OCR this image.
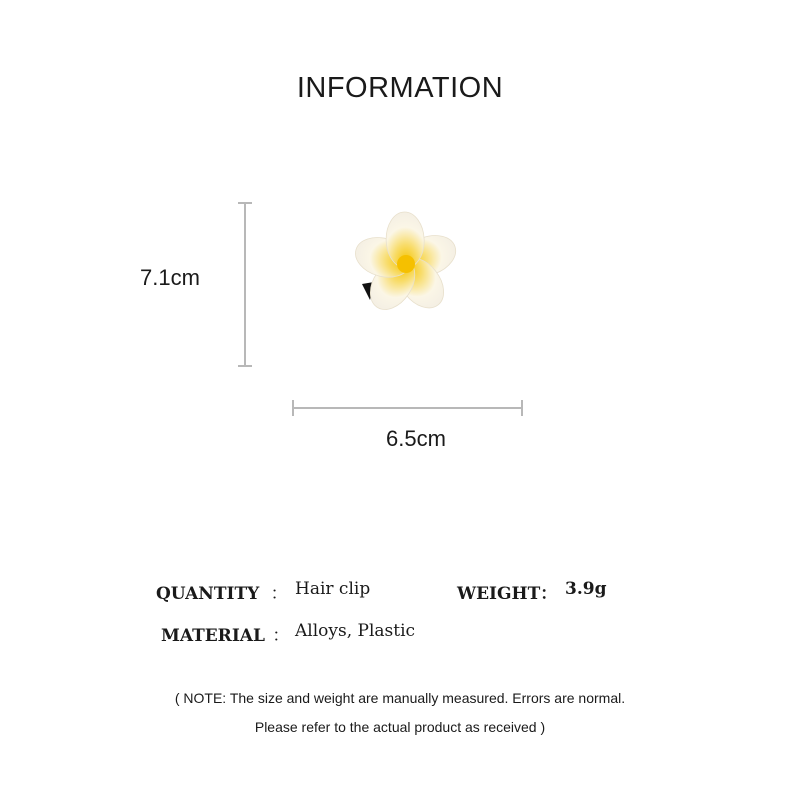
INFORMATION
7.1cm
6.5cm
QUANTITY ： Hair clip	WEIGHT： 3.9g
MATERIAL ： Alloys, Plastic
( NOTE: The size and weight are manually measured. Errors are normal.
Please refer to the actual product as received )
